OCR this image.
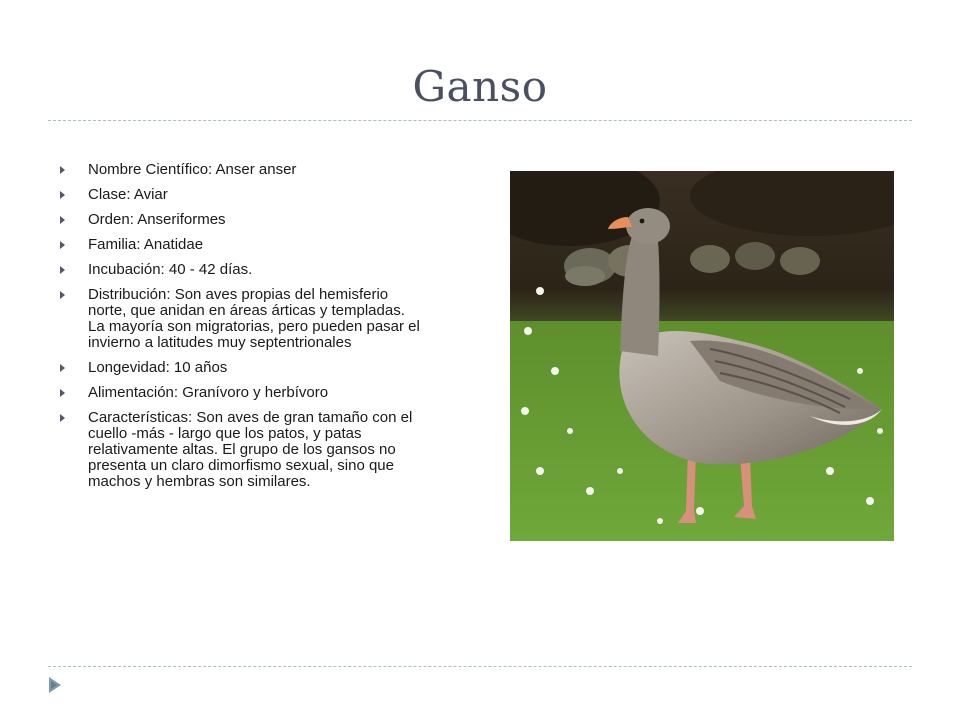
Ganso
Nombre Científico: Anser anser
Clase: Aviar
Orden: Anseriformes
Familia: Anatidae
Incubación: 40 - 42 días.
Distribución: Son aves propias del hemisferio norte, que anidan en áreas árticas y templadas. La mayoría son migratorias, pero pueden pasar el invierno a latitudes muy septentrionales
Longevidad: 10 años
Alimentación: Granívoro y herbívoro
Características: Son aves de gran tamaño con el cuello -más - largo que los patos, y patas relativamente altas. El grupo de los gansos no presenta un claro dimorfismo sexual, sino que machos y hembras son similares.
